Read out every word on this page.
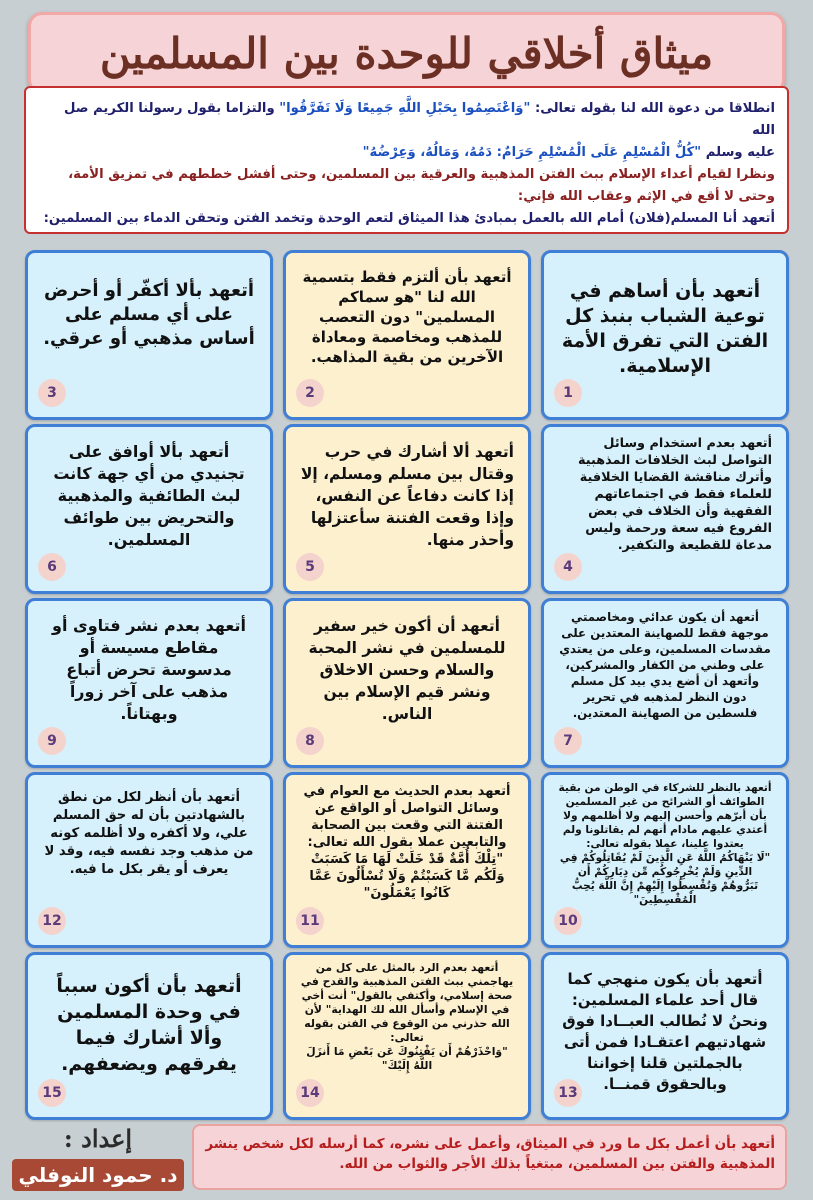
ميثاق أخلاقي للوحدة بين المسلمين

انطلاقا من دعوة الله لنا بقوله تعالى: "وَاعْتَصِمُوا بِحَبْلِ اللَّهِ جَمِيعًا وَلَا تَفَرَّقُوا" والتزاما بقول رسولنا الكريم صل الله

عليه وسلم "كُلُّ الْمُسْلِمِ عَلَى الْمُسْلِمِ حَرَامٌ: دَمُهُ، وَمَالُهُ، وَعِرْضُهُ"

ونظرا لقيام أعداء الإسلام ببث الفتن المذهبية والعرقية بين المسلمين، وحتى أفشل خططهم في تمزيق الأمة،

وحتى لا أقع في الإثم وعقاب الله فإني:

أتعهد أنا المسلم(فلان) أمام الله بالعمل بمبادئ هذا الميثاق لتعم الوحدة وتخمد الفتن وتحقن الدماء بين المسلمين:

أتعهد بأن أساهم في توعية الشباب بنبذ كل الفتن التي تفرق الأمة الإسلامية.
1
أتعهد بأن ألتزم فقط بتسمية الله لنا "هو سماكم المسلمين" دون التعصب للمذهب ومخاصمة ومعاداة الآخرين من بقية المذاهب.
2
أتعهد بألا أكفّر أو أحرض على أي مسلم على أساس مذهبي أو عرقي.
3
أتعهد بعدم استخدام وسائل التواصل لبث الخلافات المذهبية وأترك مناقشة القضايا الخلافية للعلماء فقط في اجتماعاتهم الفقهية وأن الخلاف في بعض الفروع فيه سعة ورحمة وليس مدعاة للقطيعة والتكفير.
4
أتعهد ألا أشارك في حرب وقتال بين مسلم ومسلم، إلا إذا كانت دفاعاً عن النفس، وإذا وقعت الفتنة سأعتزلها وأحذر منها.
5
أتعهد بألا أوافق على تجنيدي من أي جهة كانت لبث الطائفية والمذهبية والتحريض بين طوائف المسلمين.
6
أتعهد أن يكون عدائي ومخاصمتي موجهة فقط للصهاينة المعتدين على مقدسات المسلمين، وعلى من يعتدي على وطني من الكفار والمشركين، وأتعهد أن أضع يدي بيد كل مسلم دون النظر لمذهبه في تحرير فلسطين من الصهاينة المعتدين.
7
أتعهد أن أكون خير سفير للمسلمين في نشر المحبة والسلام وحسن الاخلاق ونشر قيم الإسلام بين الناس.
8
أتعهد بعدم نشر فتاوى أو مقاطع مسيسة أو مدسوسة تحرض أتباع مذهب على آخر زوراً وبهتاناً.
9
أتعهد بالنظر للشركاء في الوطن من بقية الطوائف أو الشرائح من غير المسلمين بأن أبرّهم وأحسن إليهم ولا أظلمهم ولا أعتدي عليهم مادام أنهم لم يقاتلونا ولم يعتدوا علينا، عملا بقوله تعالى:
"لَا يَنْهَاكُمُ اللَّهُ عَنِ الَّذِينَ لَمْ يُقَاتِلُوكُمْ فِي الدِّينِ وَلَمْ يُخْرِجُوكُم مِّن دِيَارِكُمْ أَن تَبَرُّوهُمْ وَتُقْسِطُوا إِلَيْهِمْ إِنَّ اللَّهَ يُحِبُّ الْمُقْسِطِينَ"
10
أتعهد بعدم الحديث مع العوام في وسائل التواصل أو الواقع عن الفتنة التي وقعت بين الصحابة والتابعين عملا بقول الله تعالى:
"تِلْكَ أُمَّةٌ قَدْ خَلَتْ لَهَا مَا كَسَبَتْ وَلَكُم مَّا كَسَبْتُمْ وَلَا تُسْأَلُونَ عَمَّا كَانُوا يَعْمَلُونَ"
11
أتعهد بأن أنظر لكل من نطق بالشهادتين بأن له حق المسلم علي، ولا أكفره ولا أظلمه كونه من مذهب وجد نفسه فيه، وقد لا يعرف أو يقر بكل ما فيه.
12
أتعهد بأن يكون منهجي كما قال أحد علماء المسلمين: ونحنُ لا نُطالب العبــادا فوق شهادتيهم اعتقـادا فمن أتى بالجملتين قلنا إخواننا وبالحقوق قمنــا.
13
أتعهد بعدم الرد بالمثل على كل من يهاجمني ببث الفتن المذهبية والقدح في صحة إسلامي، وأكتفي بالقول" أنت أخي في الإسلام وأسأل الله لك الهداية" لأن الله حذرني من الوقوع في الفتن بقوله تعالى:
"وَاحْذَرْهُمْ أَن يَفْتِنُوكَ عَن بَعْضِ مَا أَنزَلَ اللَّهُ إِلَيْكَ"
14
أتعهد بأن أكون سبباً في وحدة المسلمين وألا أشارك فيما يفرقهم ويضعفهم.
15
أتعهد بأن أعمل بكل ما ورد في الميثاق، وأعمل على نشره، كما أرسله لكل شخص ينشر المذهبية والفتن بين المسلمين، مبتغياً بذلك الأجر والثواب من الله.
إعداد :
د. حمود النوفلي
